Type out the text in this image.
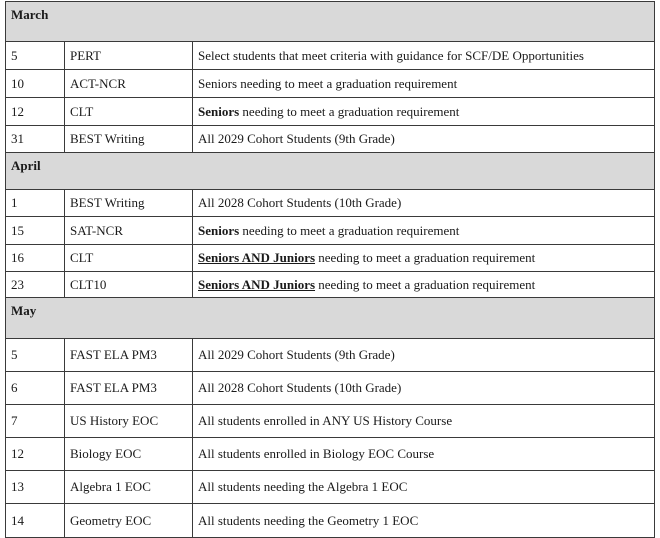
March		
5	PERT	Select students that meet criteria with guidance for SCF/DE Opportunities
10	ACT-NCR	Seniors needing to meet a graduation requirement
12	CLT	Seniors needing to meet a graduation requirement
31	BEST Writing	All 2029 Cohort Students (9th Grade)
April		
1	BEST Writing	All 2028 Cohort Students (10th Grade)
15	SAT-NCR	Seniors needing to meet a graduation requirement
16	CLT	Seniors AND Juniors needing to meet a graduation requirement
23	CLT10	Seniors AND Juniors needing to meet a graduation requirement
May		
5	FAST ELA PM3	All 2029 Cohort Students (9th Grade)
6	FAST ELA PM3	All 2028 Cohort Students (10th Grade)
7	US History EOC	All students enrolled in ANY US History Course
12	Biology EOC	All students enrolled in Biology EOC Course
13	Algebra 1 EOC	All students needing the Algebra 1 EOC
14	Geometry EOC	All students needing the Geometry 1 EOC
